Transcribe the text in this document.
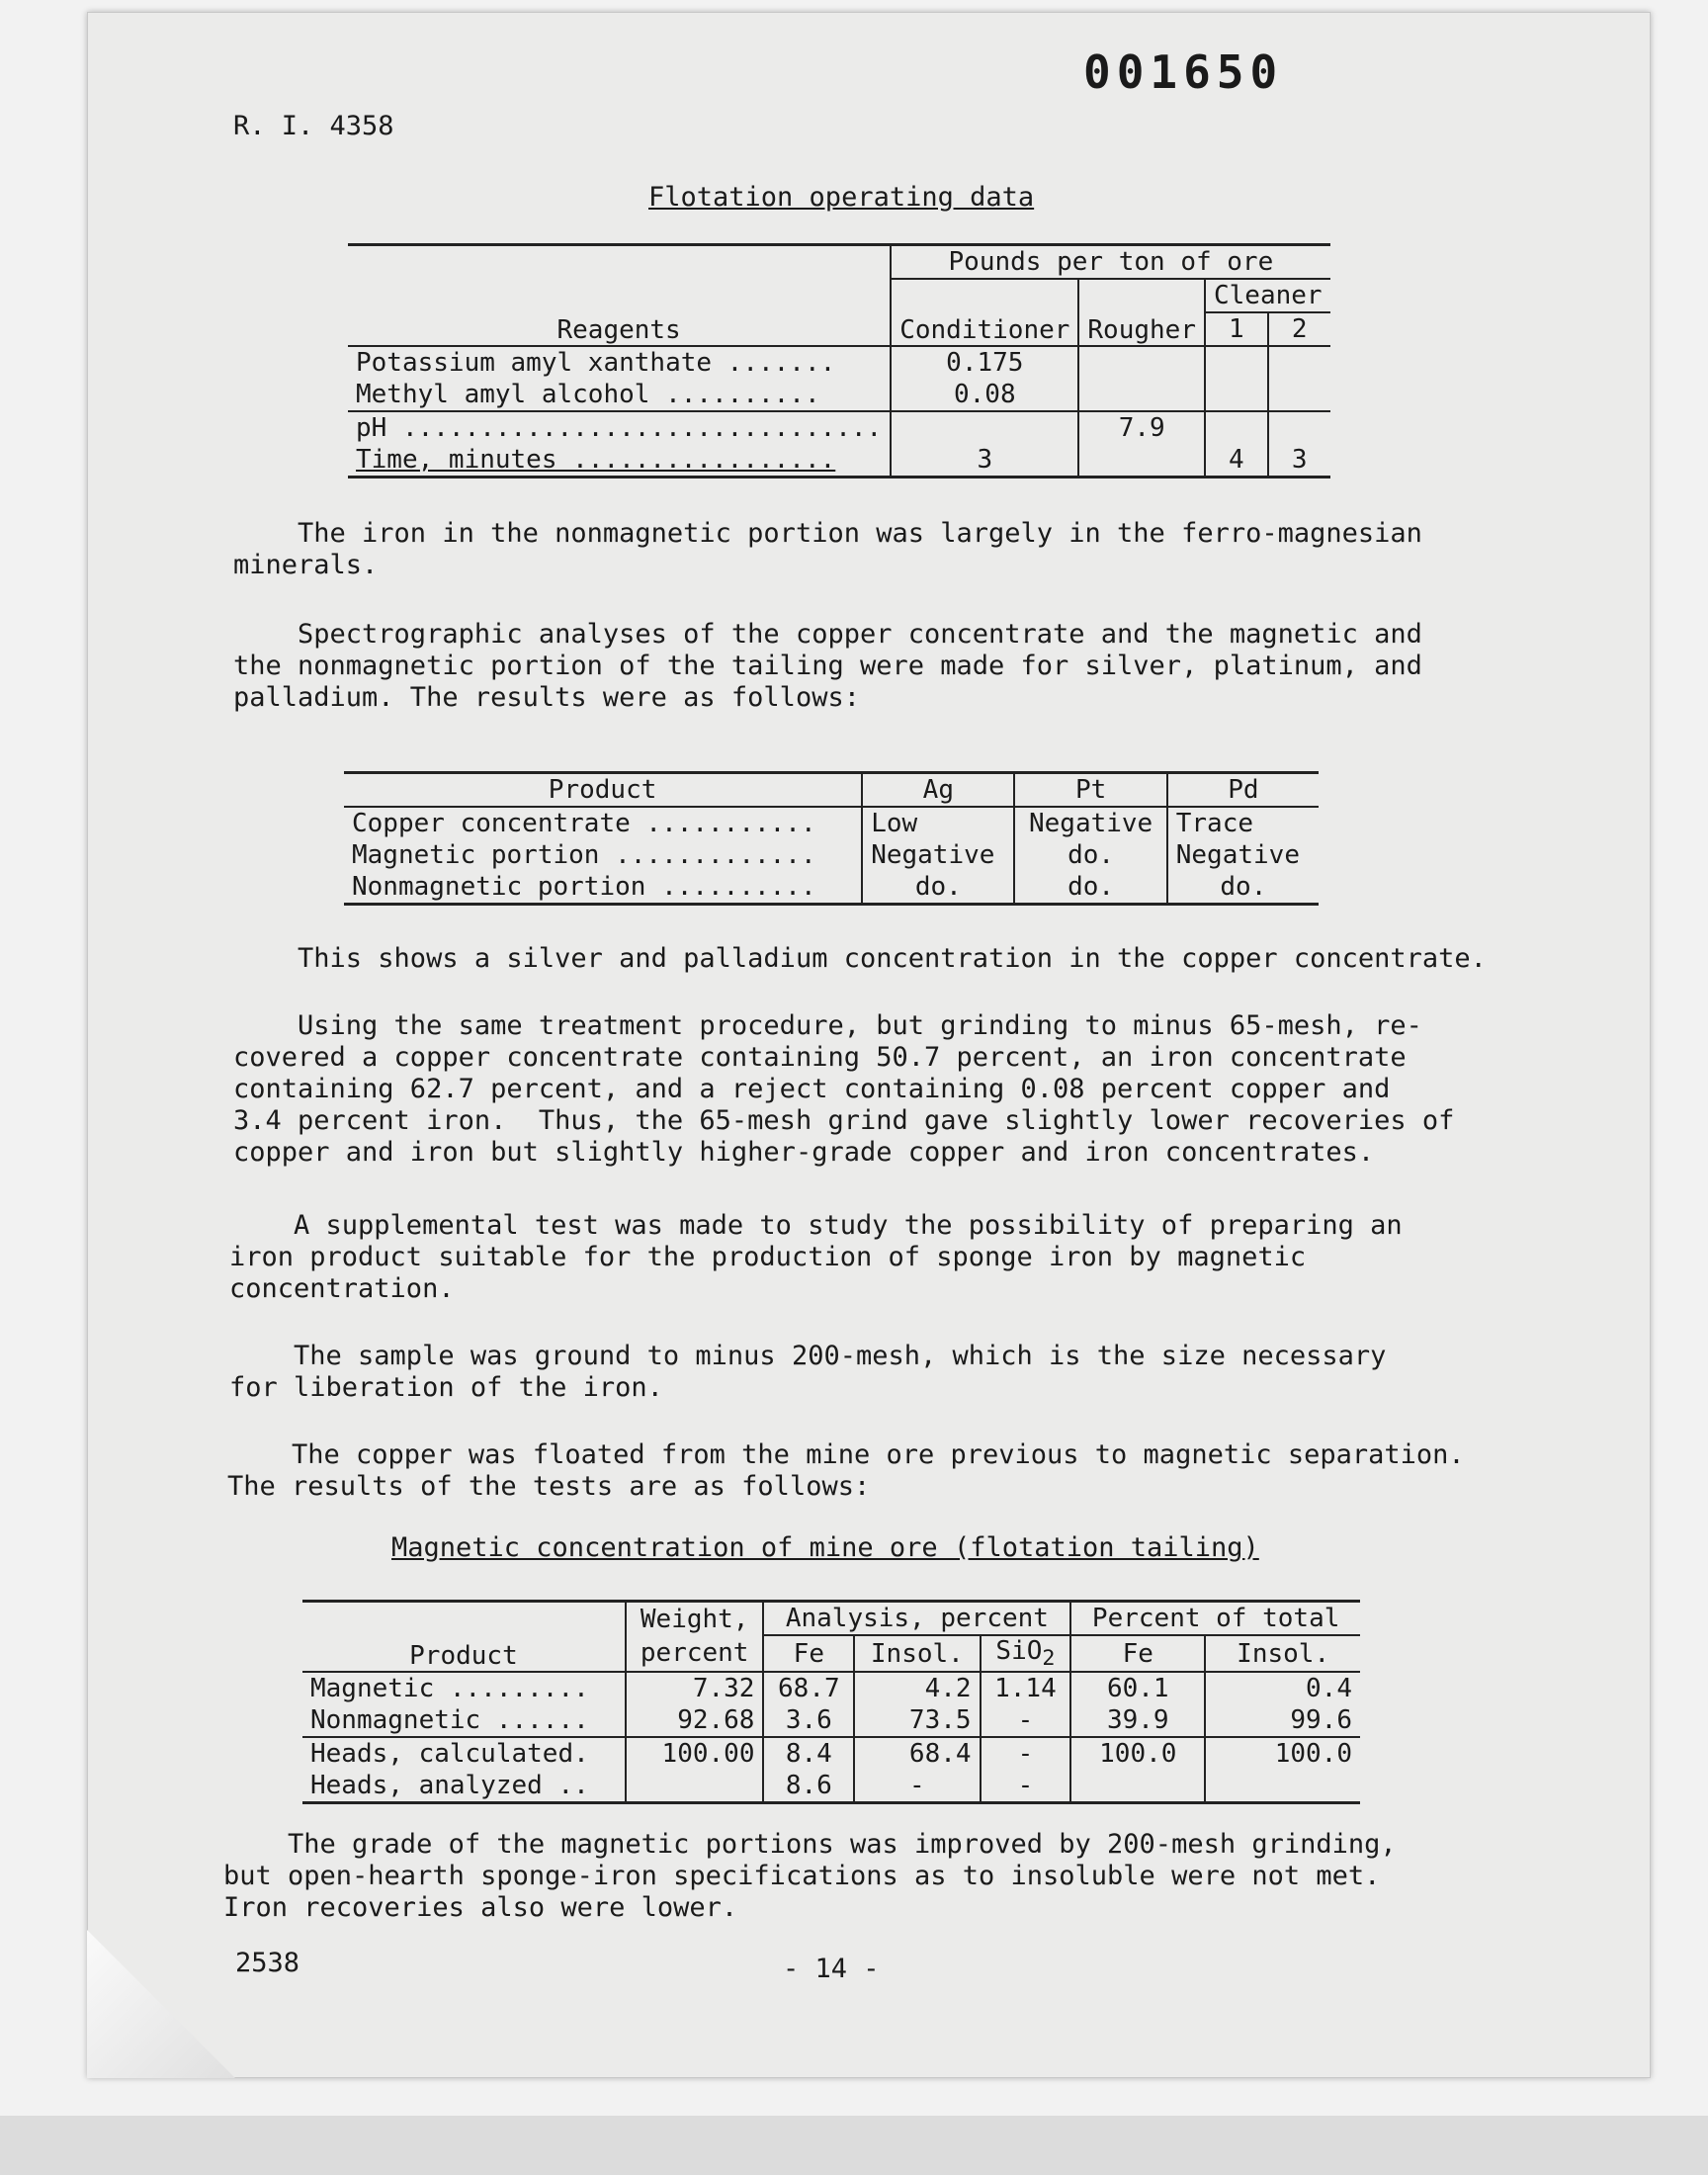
001650
R. I. 4358
Flotation operating data
Reagents	Pounds per ton of ore			
	Conditioner	Rougher	Cleaner	
			1	2
Potassium amyl xanthate .......	0.175			
Methyl amyl alcohol ..........	0.08			
pH ...............................		7.9		
Time, minutes .................	3		4	3
The iron in the nonmagnetic portion was largely in the ferro-magnesian
minerals.
Spectrographic analyses of the copper concentrate and the magnetic and
the nonmagnetic portion of the tailing were made for silver, platinum, and
palladium. The results were as follows:
Product	Ag	Pt	Pd
Copper concentrate ...........	Low	Negative	Trace
Magnetic portion .............	Negative	do.	Negative
Nonmagnetic portion ..........	do.	do.	do.
This shows a silver and palladium concentration in the copper concentrate.
Using the same treatment procedure, but grinding to minus 65-mesh, re-
covered a copper concentrate containing 50.7 percent, an iron concentrate
containing 62.7 percent, and a reject containing 0.08 percent copper and
3.4 percent iron.  Thus, the 65-mesh grind gave slightly lower recoveries of
copper and iron but slightly higher-grade copper and iron concentrates.
A supplemental test was made to study the possibility of preparing an
iron product suitable for the production of sponge iron by magnetic
concentration.
The sample was ground to minus 200-mesh, which is the size necessary
for liberation of the iron.
The copper was floated from the mine ore previous to magnetic separation.
The results of the tests are as follows:
Magnetic concentration of mine ore (flotation tailing)
Product	Weight,	Analysis, percent			Percent of total	
	percent	Fe	Insol.	SiO$_2$	Fe	Insol.
Magnetic .........	7.32	68.7	4.2	1.14	60.1	0.4
Nonmagnetic ......	92.68	3.6	73.5	-	39.9	99.6
Heads, calculated.	100.00	8.4	68.4	-	100.0	100.0
Heads, analyzed ..		8.6	-	-		
The grade of the magnetic portions was improved by 200-mesh grinding,
but open-hearth sponge-iron specifications as to insoluble were not met.
Iron recoveries also were lower.
2538	- 14 -
